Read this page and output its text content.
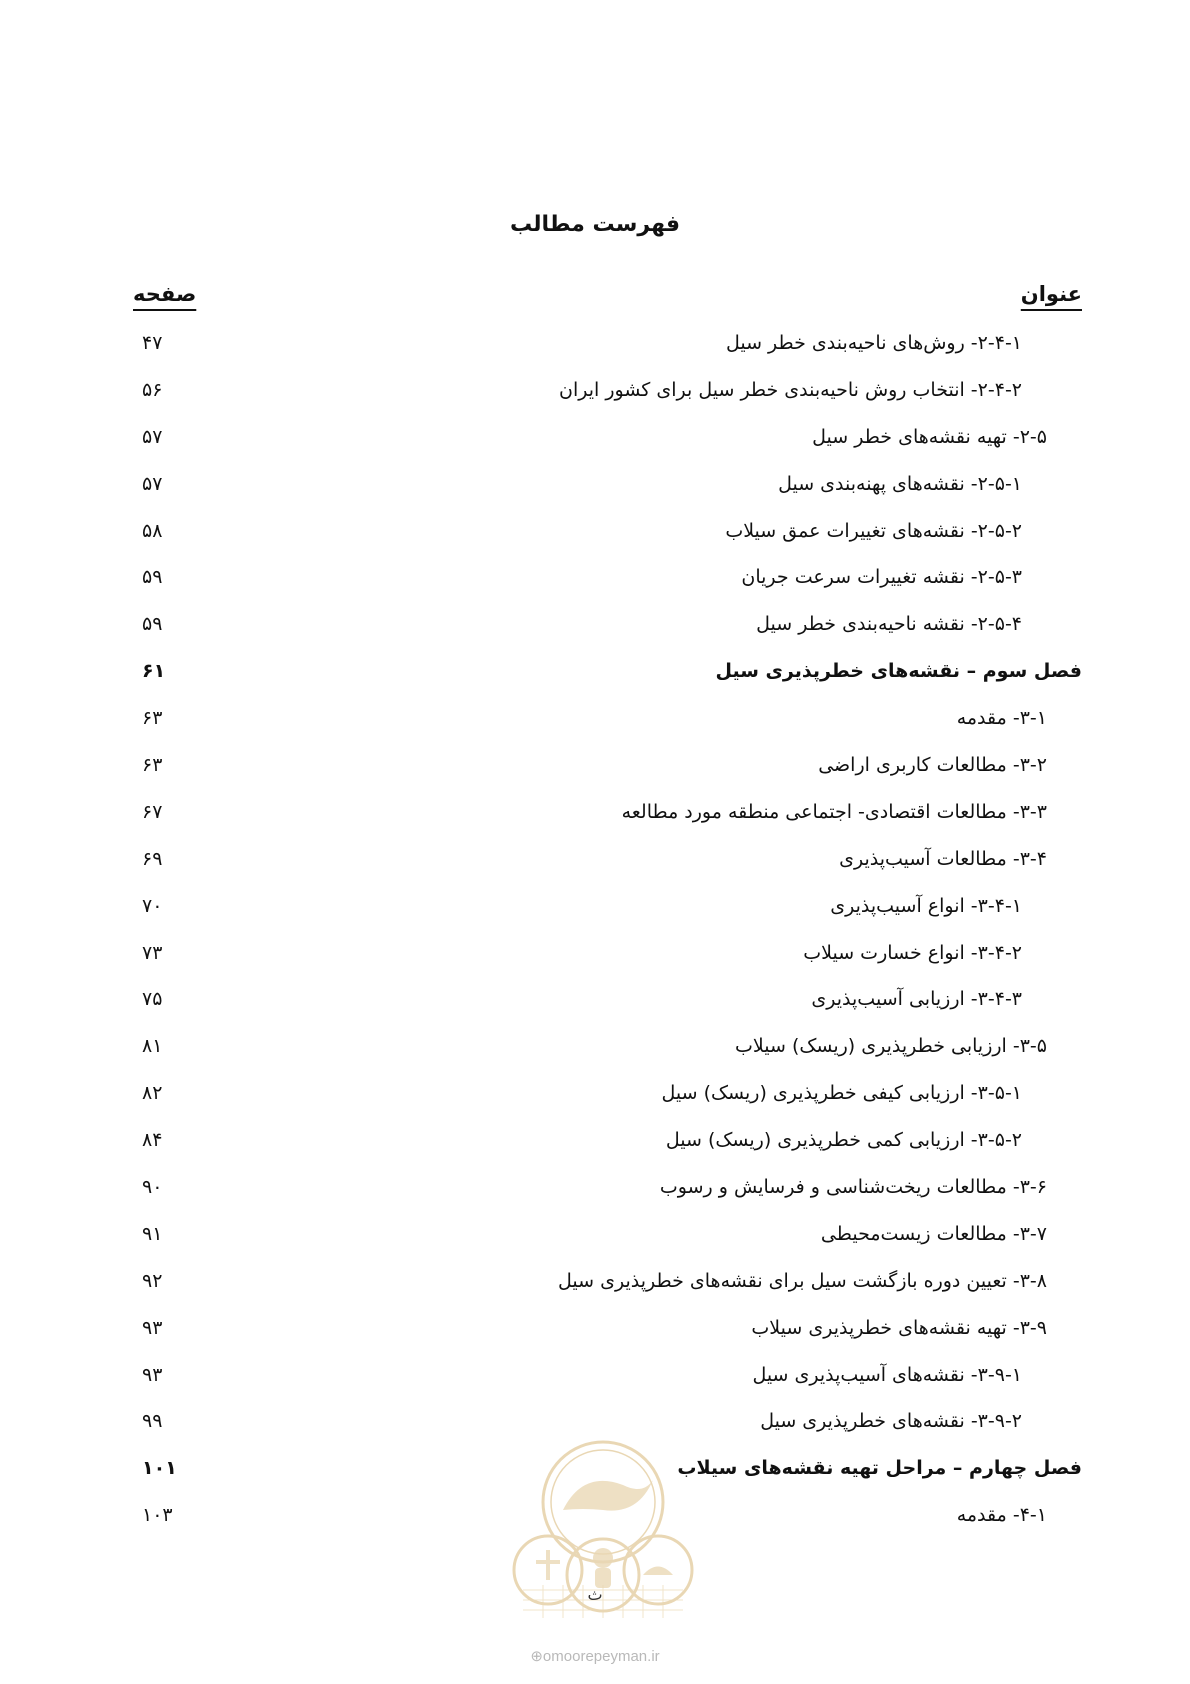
فهرست مطالب
عنوان
صفحه
۲-۴-۱- روش‌های ناحیه‌بندی خطر سیل
۴۷
۲-۴-۲- انتخاب روش ناحیه‌بندی خطر سیل برای کشور ایران
۵۶
۲-۵- تهیه نقشه‌های خطر سیل
۵۷
۲-۵-۱- نقشه‌های پهنه‌بندی سیل
۵۷
۲-۵-۲- نقشه‌های تغییرات عمق سیلاب
۵۸
۲-۵-۳- نقشه تغییرات سرعت جریان
۵۹
۲-۵-۴- نقشه ناحیه‌بندی خطر سیل
۵۹
فصل سوم – نقشه‌های خطرپذیری سیل
۶۱
۳-۱- مقدمه
۶۳
۳-۲- مطالعات کاربری اراضی
۶۳
۳-۳- مطالعات اقتصادی- اجتماعی منطقه مورد مطالعه
۶۷
۳-۴- مطالعات آسیب‌پذیری
۶۹
۳-۴-۱- انواع آسیب‌پذیری
۷۰
۳-۴-۲- انواع خسارت سیلاب
۷۳
۳-۴-۳- ارزیابی آسیب‌پذیری
۷۵
۳-۵- ارزیابی خطرپذیری (ریسک) سیلاب
۸۱
۳-۵-۱- ارزیابی کیفی خطرپذیری (ریسک) سیل
۸۲
۳-۵-۲- ارزیابی کمی خطرپذیری (ریسک) سیل
۸۴
۳-۶- مطالعات ریخت‌شناسی و فرسایش و رسوب
۹۰
۳-۷- مطالعات زیست‌محیطی
۹۱
۳-۸- تعیین دوره بازگشت سیل برای نقشه‌های خطرپذیری سیل
۹۲
۳-۹- تهیه نقشه‌های خطرپذیری سیلاب
۹۳
۳-۹-۱- نقشه‌های آسیب‌پذیری سیل
۹۳
۳-۹-۲- نقشه‌های خطرپذیری سیل
۹۹
فصل چهارم – مراحل تهیه نقشه‌های سیلاب
۱۰۱
۴-۱- مقدمه
۱۰۳
ث
⊕omoorepeyman.ir
